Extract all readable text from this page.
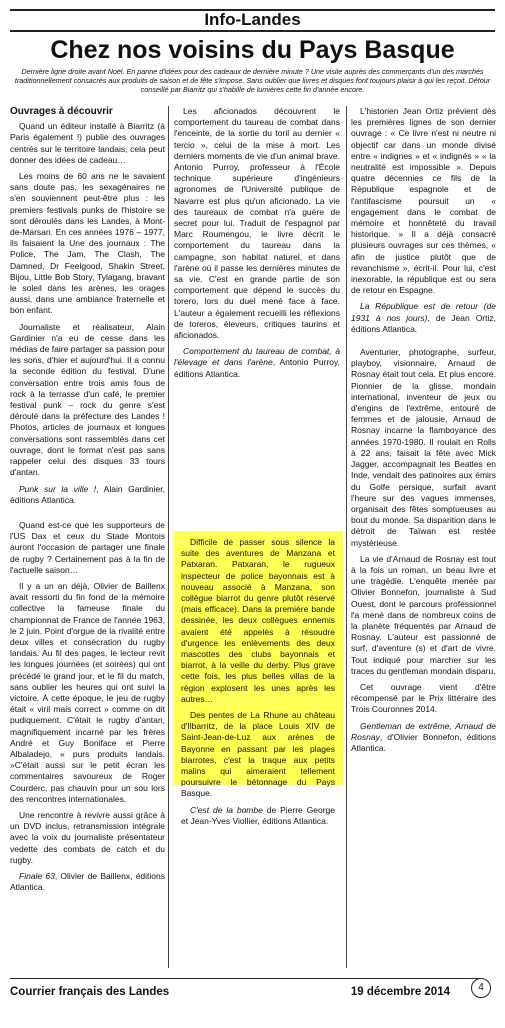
Info-Landes
Chez nos voisins du Pays Basque
Dernière ligne droite avant Noël. En panne d'idées pour des cadeaux de dernière minute ? Une visite auprès des commerçants d'un des marchés traditionnellement consacrés aux produits de saison et de fête s'impose. Sans oublier que livres et disques font toujours plaisir à qui les reçoit. Détour conseillé par Biarritz qui s'habille de lumières cette fin d'année encore.

Ouvrages à découvrir

Quand un éditeur installé à Biarritz (à Paris également !) publie des ouvrages centrés sur le territoire landais, cela peut donner des idées de cadeau…

Les moins de 60 ans ne le savaient sans doute pas, les sexagénaires ne s'en souviennent peut-être plus : les premiers festivals punks de l'histoire se sont déroulés dans les Landes, à Mont-de-Marsan. En ces années 1976 – 1977, ils faisaient la Une des journaux : The Police, The Jam, The Clash, The Damned, Dr Feelgood, Shakin Street, Bijou, Little Bob Story, Tylagang, bravant le soleil dans les arènes, les orages aussi, dans une ambiance fraternelle et bon enfant.

Journaliste et réalisateur, Alain Gardinier n'a eu de cesse dans les médias de faire partager sa passion pour les sons, d'hier et aujourd'hui. Il a connu la seconde édition du festival. D'une conversation entre trois amis fous de rock à la terrasse d'un café, le premier festival punk – rock du genre s'est déroulé dans la préfecture des Landes ! Photos, articles de journaux et longues conversations sont rassemblés dans cet ouvrage, dont le format n'est pas sans rappeler celui des disques 33 tours d'antan.

Punk sur la ville !, Alain Gardinier, éditions Atlantica.

Quand est-ce que les supporteurs de l'US Dax et ceux du Stade Montois auront l'occasion de partager une finale de rugby ? Certainement pas à la fin de l'actuelle saison…

Il y a un an déjà, Olivier de Baillenx avait ressorti du fin fond de la mémoire collective la fameuse finale du championnat de France de l'année 1963, le 2 juin. Point d'orgue de la rivalité entre deux villes et consécration du rugby landais. Au fil des pages, le lecteur revit les longues journées (et soirées) qui ont précédé le grand jour, et le fil du match, sans oublier les heures qui ont suivi la victoire. À cette époque, le jeu de rugby était « viril mais correct » comme on dit pudiquement. C'était le rugby d'antan, magnifiquement incarné par les frères André et Guy Boniface et Pierre Albaladejo, « purs produits landais. »C'était aussi sur le petit écran les commentaires savoureux de Roger Courderc, pas chauvin pour un sou lors des rencontres internationales.

Une rencontre à revivre aussi grâce à un DVD inclus, retransmission intégrale avec la voix du journaliste présentateur vedette des combats de catch et du rugby.

Finale 63, Olivier de Baillenx, éditions Atlantica.

Les aficionados découvrent le comportement du taureau de combat dans l'enceinte, de la sortie du toril au dernier « tercio », celui de la mise à mort. Les derniers moments de vie d'un animal brave. Antonio Purroy, professeur à l'École technique supérieure d'ingénieurs agronomes de l'Université publique de Navarre est plus qu'un aficionado. La vie des taureaux de combat n'a guère de secret pour lui. Traduit de l'espagnol par Marc Roumengou, le livre décrit le comportement du taureau dans la campagne, son habitat naturel, et dans l'arène où il passe les dernières minutes de sa vie. C'est en grande partie de son comportement que dépend le succès du torero, lors du duel mené face à face. L'auteur a également recueilli les réflexions de toreros, éleveurs, critiques taurins et aficionados.

Comportement du taureau de combat, à l'élevage et dans l'arène, Antonio Purroy, éditions Atlantica.

Difficile de passer sous silence la suite des aventures de Manzana et Patxaran. Patxaran, le rugueux inspecteur de police bayonnais est à nouveau associé à Manzana, son collègue biarrot du genre plutôt réservé (mais efficace). Dans la première bande dessinée, les deux collègues ennemis avaient été appelés à résoudre d'urgence les enlèvements des deux mascottes des clubs bayonnais et biarrot, à la veille du derby. Plus grave cette fois, les plus belles villas de la région explosent les unes après les autres…

Des pentes de La Rhune au château d'Ilbarritz, de la place Louis XIV de Saint-Jean-de-Luz aux arènes de Bayonne en passant par les plages biarrotes, c'est la traque aux petits malins qui aimeraient tellement poursuivre le bétonnage du Pays Basque.

C'est de la bombe de Pierre George et Jean-Yves Viollier, éditions Atlantica.

L'historien Jean Ortiz prévient dès les premières lignes de son dernier ouvrage : « Ce livre n'est ni neutre ni objectif car dans un monde divisé entre « indignes » et « indignés » « la neutralité est impossible ». Depuis quatre décennies ce fils de la République espagnole et de l'antifascisme poursuit un « engagement dans le combat de mémoire et honnêteté du travail historique. » Il a déjà consacré plusieurs ouvrages sur ces thèmes, « afin de justice plutôt que de revanchisme », écrit-il. Pour lui, c'est inexorable, la république est ou sera de retour en Espagne.

La République est de retour (de 1931 à nos jours), de Jean Ortiz, éditions Atlantica.

Aventurier, photographe, surfeur, playboy, visionnaire, Arnaud de Rosnay était tout cela. Et plus encore. Pionnier de la glisse, mondain international, inventeur de jeux ou d'engins de l'extrême, entouré de femmes et de jalousie, Arnaud de Rosnay incarne la flamboyance des années 1970-1980. Il roulait en Rolls à 22 ans, faisait la fête avec Mick Jagger, accompagnait les Beatles en Inde, vendait des patinoires aux émirs du Golfe persique, surfait avant l'heure sur des vagues immenses, organisait des fêtes somptueuses au bout du monde. Sa disparition dans le détroit de Taïwan est restée mystérieuse.

La vie d'Arnaud de Rosnay est tout à la fois un roman, un beau livre et une tragédie. L'enquête menée par Olivier Bonnefon, journaliste à Sud Ouest, dont le parcours professionnel l'a mené dans de nombreux coins de la planète fréquentés par Arnaud de Rosnay. L'auteur est passionné de surf, d'aventure (s) et d'art de vivre. Tout indiqué pour marcher sur les traces du gentleman mondain disparu.

Cet ouvrage vient d'être récompensé par le Prix littéraire des Trois Couronnes 2014.

Gentleman de extrême, Arnaud de Rosnay, d'Olivier Bonnefon, éditions Atlantica.

Courrier français des Landes	19 décembre 2014	4
